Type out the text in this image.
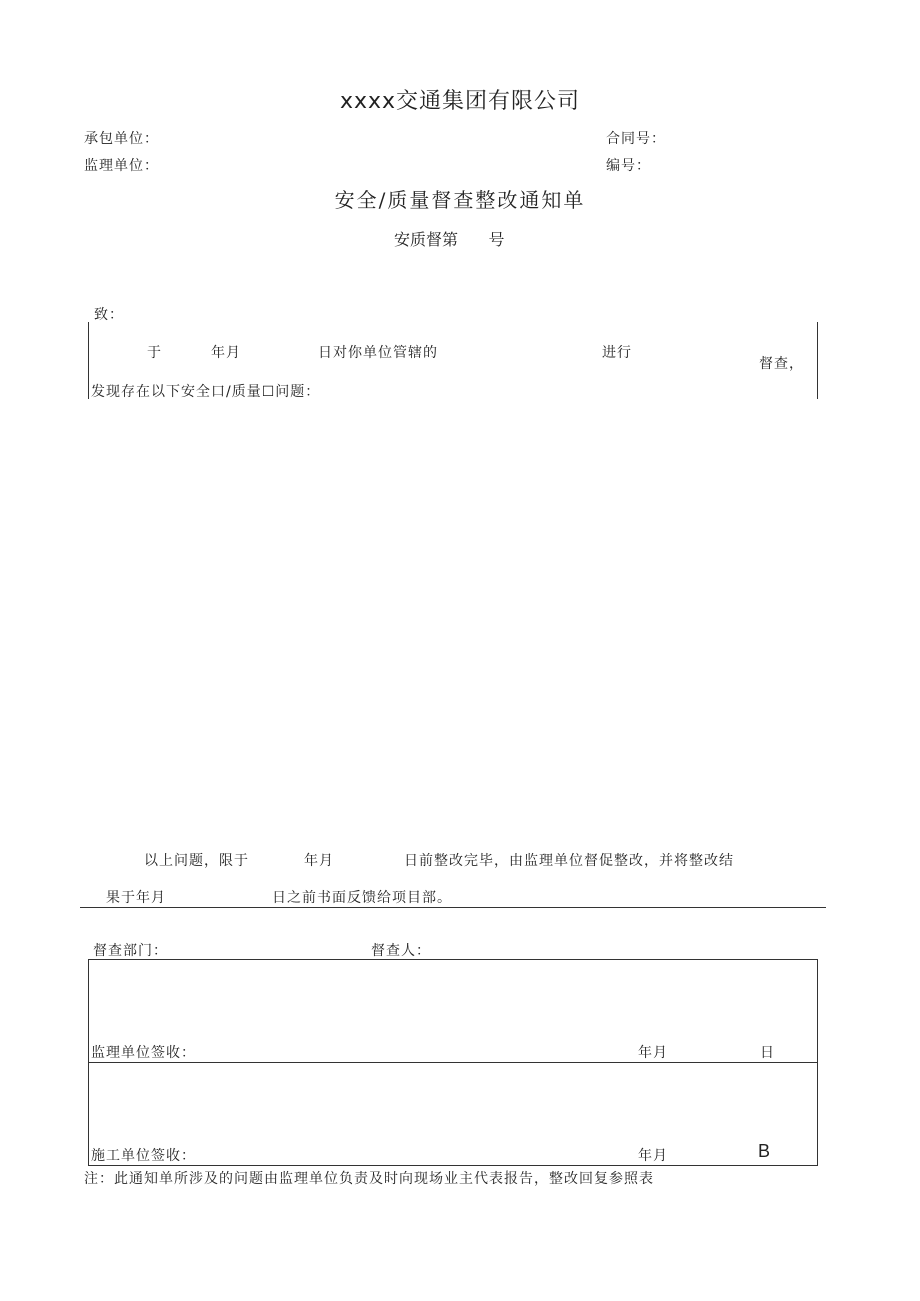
xxxx交通集团有限公司
承包单位：	合同号：
监理单位：	编号：
安全/质量督查整改通知单
安质督第      号
致：
于	年月	日对你单位管辖的	进行
督查，
发现存在以下安全口/质量☐问题：
以上问题，限于	年月	日前整改完毕，由监理单位督促整改，并将整改结
果于年月	日之前书面反馈给项目部。
督查部门：	督查人：
监理单位签收：	年月	日
施工单位签收：	年月	B
注：此通知单所涉及的问题由监理单位负责及时向现场业主代表报告，整改回复参照表
